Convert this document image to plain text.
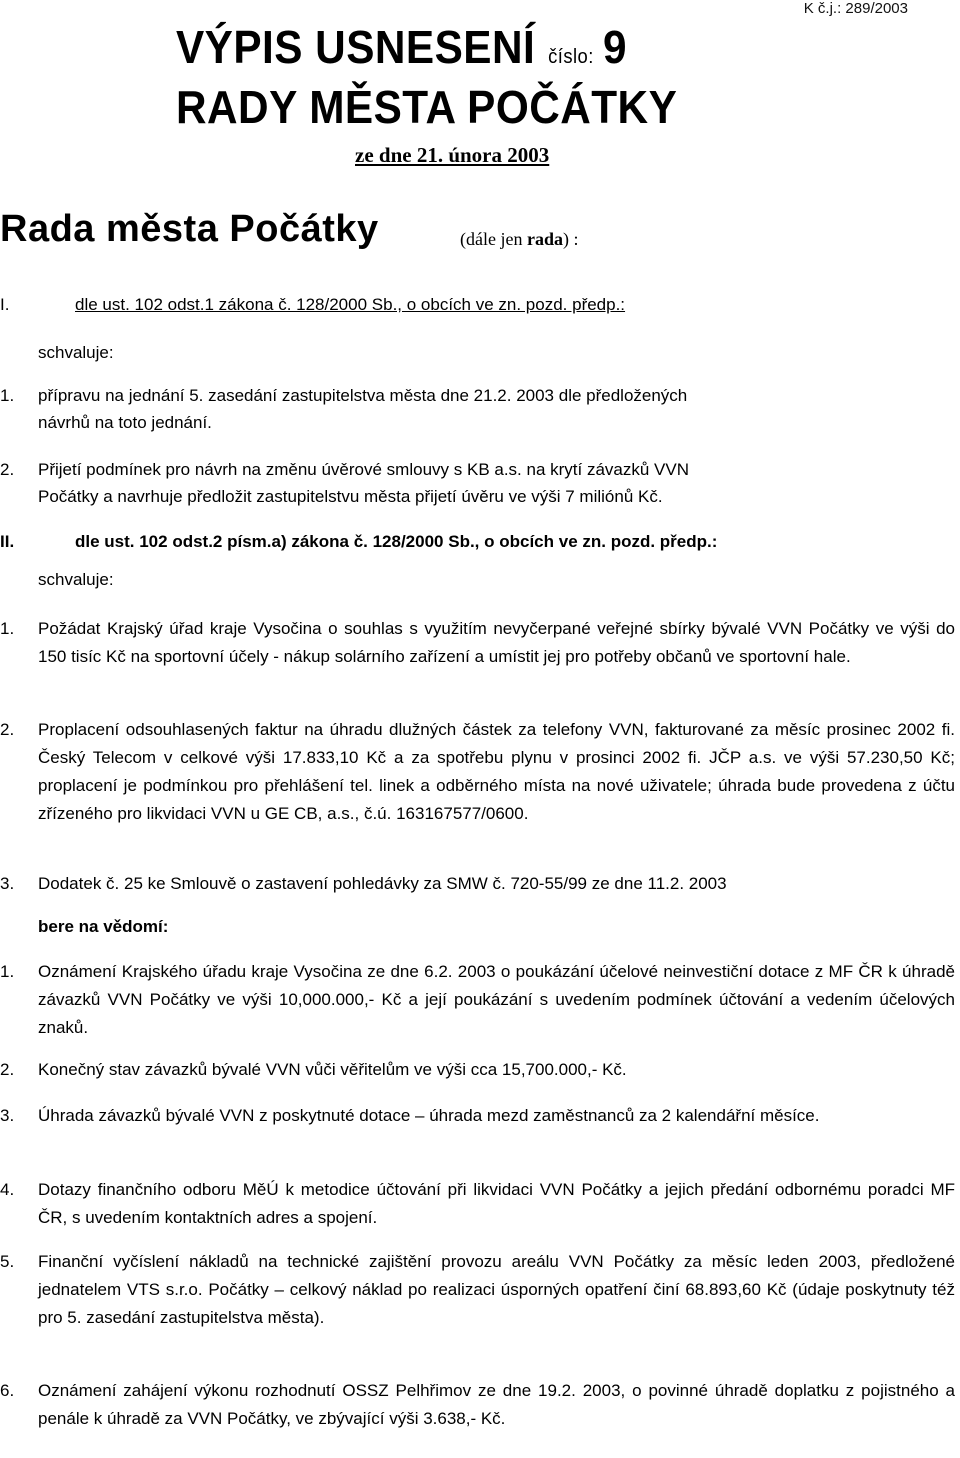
K č.j.: 289/2003
VÝPIS USNESENÍ číslo: 9
RADY MĚSTA POČÁTKY
ze dne 21. února 2003
Rada města Počátky	(dále jen rada) :
I.	dle ust. 102 odst.1 zákona č. 128/2000 Sb., o obcích ve zn. pozd. předp.:
schvaluje:
1. přípravu na jednání 5. zasedání zastupitelstva města dne 21.2. 2003 dle předložených
návrhů na toto jednání.
2. Přijetí podmínek pro návrh na změnu úvěrové smlouvy s KB a.s. na krytí závazků VVN
Počátky a navrhuje předložit zastupitelstvu města přijetí úvěru ve výši 7 miliónů Kč.
II.	dle ust. 102 odst.2 písm.a) zákona č. 128/2000 Sb., o obcích ve zn. pozd. předp.:
schvaluje:
1. Požádat Krajský úřad kraje Vysočina o souhlas s využitím nevyčerpané veřejné sbírky bývalé VVN Počátky ve výši do 150 tisíc Kč na sportovní účely - nákup solárního zařízení a umístit jej pro potřeby občanů ve sportovní hale.
2. Proplacení odsouhlasených faktur na úhradu dlužných částek za telefony VVN, fakturované za měsíc prosinec 2002 fi. Český Telecom v celkové výši 17.833,10 Kč a za spotřebu plynu v prosinci 2002 fi. JČP a.s. ve výši 57.230,50 Kč; proplacení je podmínkou pro přehlášení tel. linek a odběrného místa na nové uživatele; úhrada bude provedena z účtu zřízeného pro likvidaci VVN u GE CB, a.s., č.ú. 163167577/0600.
3. Dodatek č. 25 ke Smlouvě o zastavení pohledávky za SMW č. 720-55/99 ze dne 11.2. 2003
bere na vědomí:
1. Oznámení Krajského úřadu kraje Vysočina ze dne 6.2. 2003 o poukázání účelové neinvestiční dotace z MF ČR k úhradě závazků VVN Počátky ve výši 10,000.000,- Kč a její poukázání s uvedením podmínek účtování a vedením účelových znaků.
2. Konečný stav závazků bývalé VVN vůči věřitelům ve výši cca 15,700.000,- Kč.
3. Úhrada závazků bývalé VVN z poskytnuté dotace – úhrada mezd zaměstnanců za 2 kalendářní měsíce.
4. Dotazy finančního odboru MěÚ k metodice účtování při likvidaci VVN Počátky a jejich předání odbornému poradci MF ČR, s uvedením kontaktních adres a spojení.
5. Finanční vyčíslení nákladů na technické zajištění provozu areálu VVN Počátky za měsíc leden 2003, předložené jednatelem VTS s.r.o. Počátky – celkový náklad po realizaci úsporných opatření činí 68.893,60 Kč (údaje poskytnuty též pro 5. zasedání zastupitelstva města).
6. Oznámení zahájení výkonu rozhodnutí OSSZ Pelhřimov ze dne 19.2. 2003, o povinné úhradě doplatku z pojistného a penále k úhradě za VVN Počátky, ve zbývající výši 3.638,- Kč.
